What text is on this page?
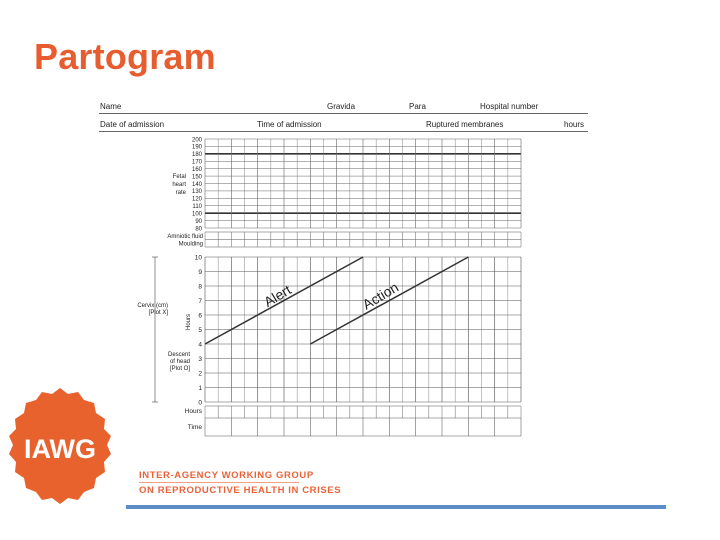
Partogram
Name	Gravida	Para	Hospital number
Date of admission	Time of admission	Ruptured membranes	hours
200
190
180
170
160
150
140
130
120
110
100
90
80
Fetal
heart
rate
Amniotic fluid
Moulding
10
9
8
7
6
5
4
3
2
1
0
Cervix (cm)
[Plot X]
Descent
of head
[Plot O]
Hours
Alert	Action
Hours
Time
IAWG
INTER-AGENCY WORKING GROUP
ON REPRODUCTIVE HEALTH IN CRISES
